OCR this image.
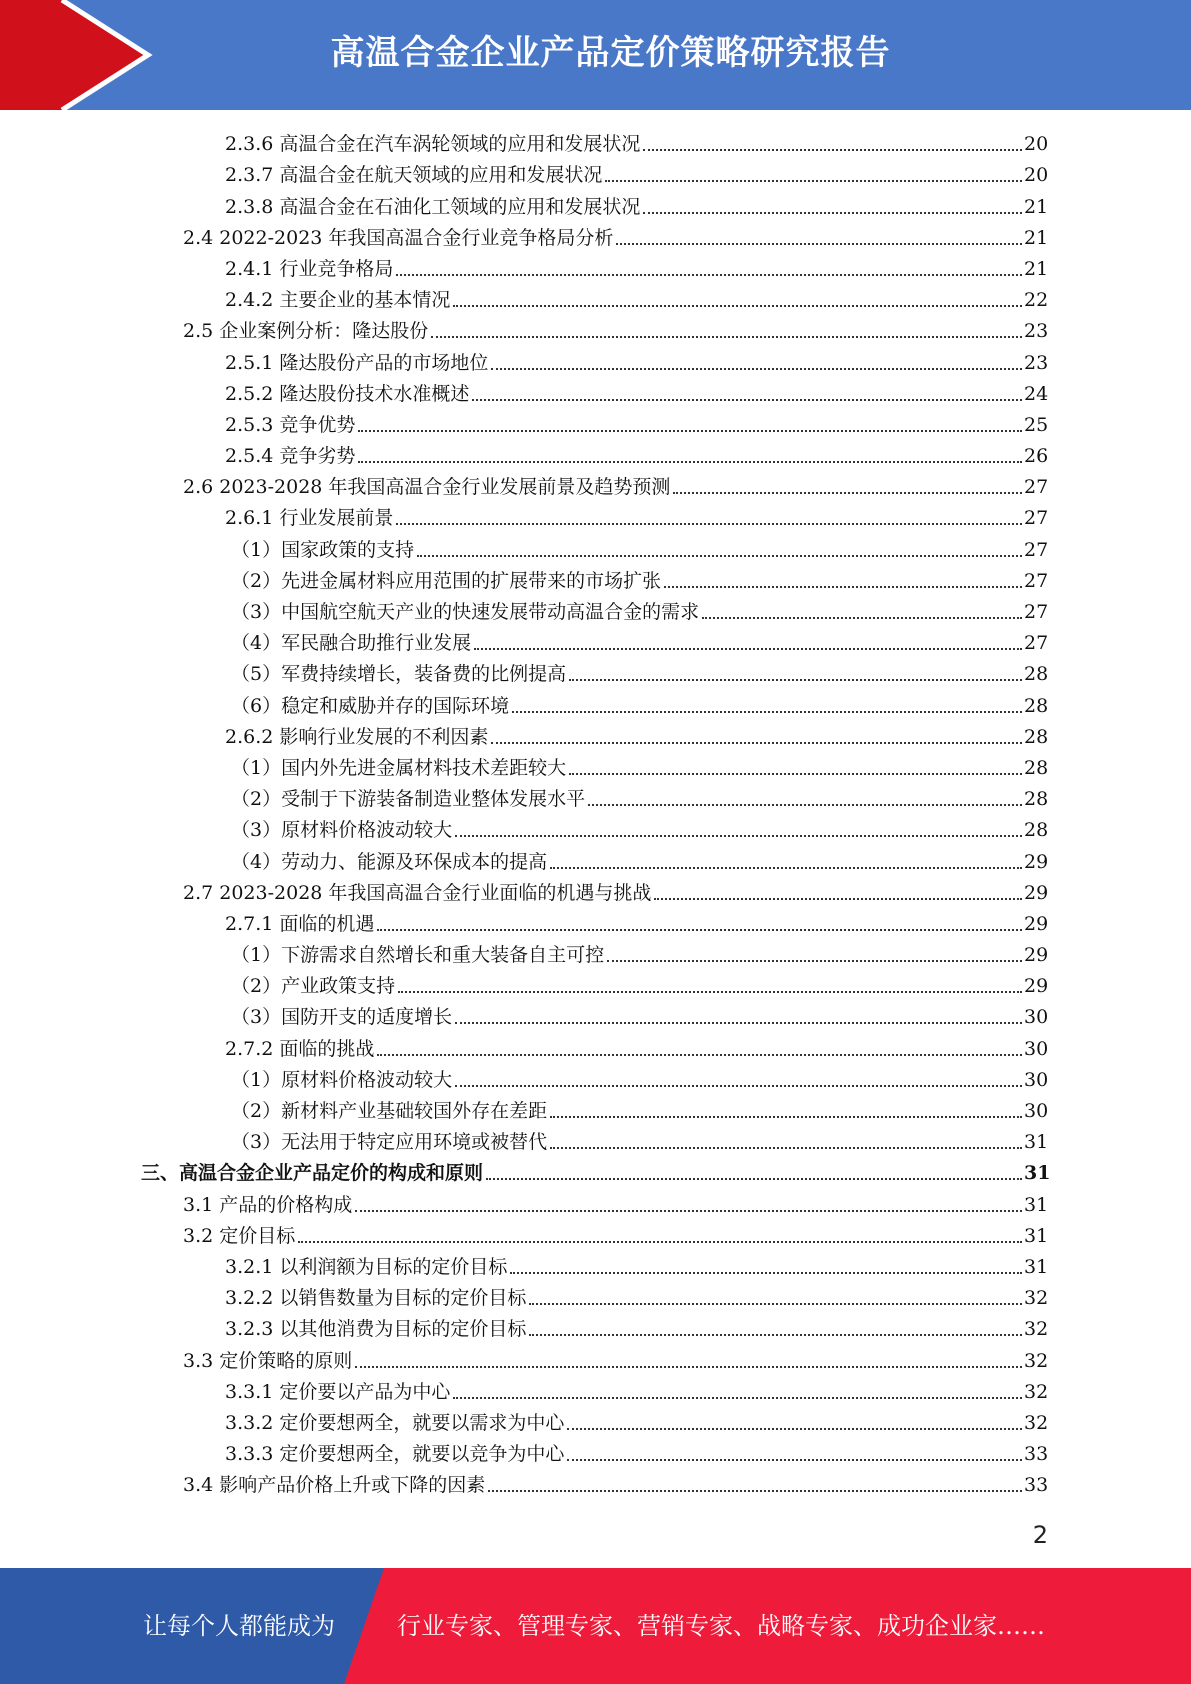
高温合金企业产品定价策略研究报告
2.3.6 高温合金在汽车涡轮领域的应用和发展状况	20
2.3.7 高温合金在航天领域的应用和发展状况	20
2.3.8 高温合金在石油化工领域的应用和发展状况	21
2.4 2022-2023 年我国高温合金行业竞争格局分析	21
2.4.1 行业竞争格局	21
2.4.2 主要企业的基本情况	22
2.5 企业案例分析：隆达股份	23
2.5.1 隆达股份产品的市场地位	23
2.5.2 隆达股份技术水准概述	24
2.5.3 竞争优势	25
2.5.4 竞争劣势	26
2.6 2023-2028 年我国高温合金行业发展前景及趋势预测	27
2.6.1 行业发展前景	27
（1）国家政策的支持	27
（2）先进金属材料应用范围的扩展带来的市场扩张	27
（3）中国航空航天产业的快速发展带动高温合金的需求	27
（4）军民融合助推行业发展	27
（5）军费持续增长，装备费的比例提高	28
（6）稳定和威胁并存的国际环境	28
2.6.2 影响行业发展的不利因素	28
（1）国内外先进金属材料技术差距较大	28
（2）受制于下游装备制造业整体发展水平	28
（3）原材料价格波动较大	28
（4）劳动力、能源及环保成本的提高	29
2.7 2023-2028 年我国高温合金行业面临的机遇与挑战	29
2.7.1 面临的机遇	29
（1）下游需求自然增长和重大装备自主可控	29
（2）产业政策支持	29
（3）国防开支的适度增长	30
2.7.2 面临的挑战	30
（1）原材料价格波动较大	30
（2）新材料产业基础较国外存在差距	30
（3）无法用于特定应用环境或被替代	31
三、高温合金企业产品定价的构成和原则	31
3.1 产品的价格构成	31
3.2 定价目标	31
3.2.1 以利润额为目标的定价目标	31
3.2.2 以销售数量为目标的定价目标	32
3.2.3 以其他消费为目标的定价目标	32
3.3 定价策略的原则	32
3.3.1 定价要以产品为中心	32
3.3.2 定价要想两全，就要以需求为中心	32
3.3.3 定价要想两全，就要以竞争为中心	33
3.4 影响产品价格上升或下降的因素	33
2
让每个人都能成为	行业专家、管理专家、营销专家、战略专家、成功企业家……
